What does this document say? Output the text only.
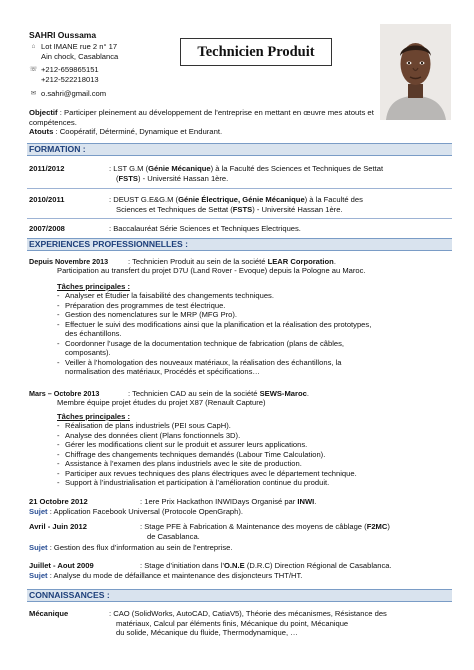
SAHRI Oussama
⌂ Lot IMANE rue 2 n° 17
Ain chock, Casablanca
☏ +212-659865151
+212-522218013
✉ o.sahri@gmail.com
Technicien Produit
Objectif : Participer pleinement au développement de l’entreprise en mettant en œuvre mes atouts et compétences.
Atouts : Coopératif, Déterminé, Dynamique et Endurant.
FORMATION :
2011/2012	: LST G.M (Génie Mécanique) à la Faculté des Sciences et Techniques de Settat
(FSTS) - Université Hassan 1ère.
2010/2011	: DEUST G.E&G.M (Génie Électrique, Génie Mécanique) à la Faculté des
Sciences et Techniques de Settat (FSTS) - Université Hassan 1ère.
2007/2008	: Baccalauréat Série Sciences et Techniques Electriques.
EXPERIENCES PROFESSIONNELLES :
Depuis Novembre 2013	: Technicien Produit au sein de la société LEAR Corporation.
Participation au transfert du projet D7U (Land Rover - Evoque) depuis la Pologne au Maroc.
Tâches principales :
- Analyser et Étudier la faisabilité des changements techniques.
- Préparation des programmes de test électrique.
- Gestion des nomenclatures sur le MRP (MFG Pro).
- Effectuer le suivi des modifications ainsi que la planification et la réalisation des prototypes,
des échantillons.
- Coordonner l’usage de la documentation technique de fabrication (plans de câbles,
composants).
- Veiller à l’homologation des nouveaux matériaux, la réalisation des échantillons, la
normalisation des matériaux, Procédés et spécifications…
Mars – Octobre 2013	: Technicien CAD au sein de la société SEWS-Maroc.
Membre équipe projet études du projet X87 (Renault Capture)
Tâches principales :
- Réalisation de plans industriels (PEI sous CapH).
- Analyse des données client (Plans fonctionnels 3D).
- Gérer les modifications client sur le produit et assurer leurs applications.
- Chiffrage des changements techniques demandés (Labour Time Calculation).
- Assistance à l’examen des plans industriels avec le site de production.
- Participer aux revues techniques des plans électriques avec le département technique.
- Support à l’industrialisation et participation à l’amélioration continue du produit.
21 Octobre 2012	: 1ere Prix Hackathon INWIDays Organisé par INWI.
Sujet : Application Facebook Universal (Protocole OpenGraph).
Avril - Juin 2012	: Stage PFE à Fabrication & Maintenance des moyens de câblage (F2MC)
de Casablanca.
Sujet : Gestion des flux d’information au sein de l’entreprise.
Juillet - Aout 2009	: Stage d’initiation dans l’O.N.E (D.R.C) Direction Régional de Casablanca.
Sujet : Analyse du mode de défaillance et maintenance des disjoncteurs THT/HT.
CONNAISSANCES :
Mécanique	: CAO (SolidWorks, AutoCAD, CatiaV5), Théorie des mécanismes, Résistance des
matériaux, Calcul par éléments finis, Mécanique du point, Mécanique
du solide, Mécanique du fluide, Thermodynamique, …
